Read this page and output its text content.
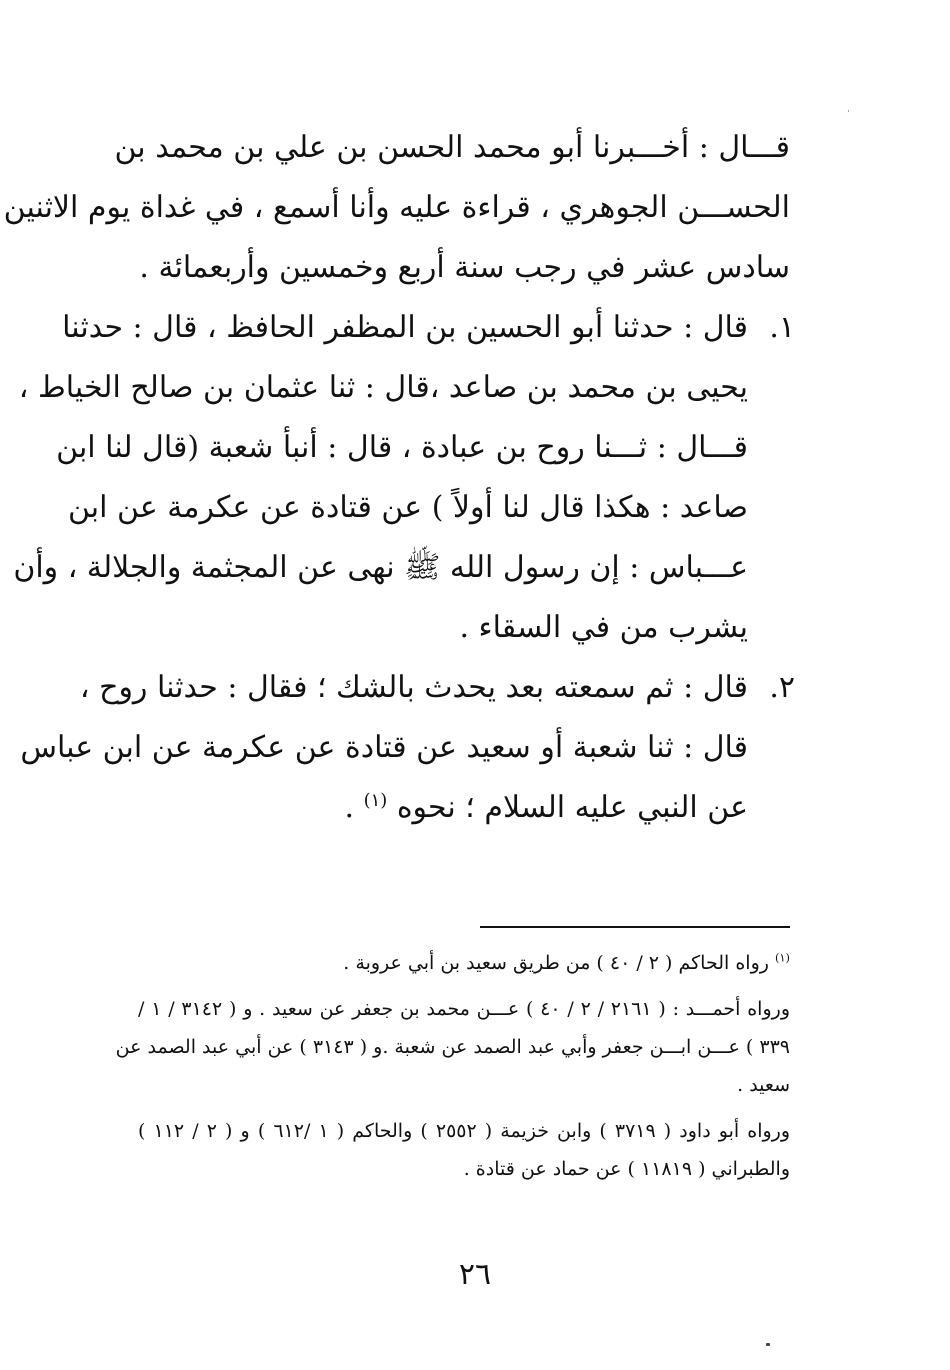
قـــال : أخـــبرنا أبو محمد الحسن بن علي بن محمد بن
الحســـن الجوهري ، قراءة عليه وأنا أسمع ، في غداة يوم الاثنين
سادس عشر في رجب سنة أربع وخمسين وأربعمائة .
١.
قال : حدثنا أبو الحسين بن المظفر الحافظ ، قال : حدثنا
يحيى بن محمد بن صاعد ،قال : ثنا عثمان بن صالح الخياط ،
قـــال : ثـــنا روح بن عبادة ، قال : أنبأ شعبة (قال لنا ابن
صاعد : هكذا قال لنا أولاً ) عن قتادة عن عكرمة عن ابن
عـــباس : إن رسول الله ﷺ نهى عن المجثمة والجلالة ، وأن
يشرب من في السقاء .
٢.
قال : ثم سمعته بعد يحدث بالشك ؛ فقال : حدثنا روح ،
قال : ثنا شعبة أو سعيد عن قتادة عن عكرمة عن ابن عباس
عن النبي عليه السلام ؛ نحوه $^{(١)}$ .
$^{(١)}$ رواه الحاكم ( ٢ / ٤٠ ) من طريق سعيد بن أبي عروبة .
ورواه أحمـــد : ( ٢١٦١ / ٢ / ٤٠ ) عـــن محمد بن جعفر عن سعيد . و ( ٣١٤٢ / ١ /
٣٣٩ ) عـــن ابـــن جعفر وأبي عبد الصمد عن شعبة .و ( ٣١٤٣ ) عن أبي عبد الصمد عن
سعيد .
ورواه أبو داود ( ٣٧١٩ ) وابن خزيمة ( ٢٥٥٢ ) والحاكم ( ١ /٦١٢ ) و ( ٢ / ١١٢ )
والطبراني ( ١١٨١٩ ) عن حماد عن قتادة .
٢٦
